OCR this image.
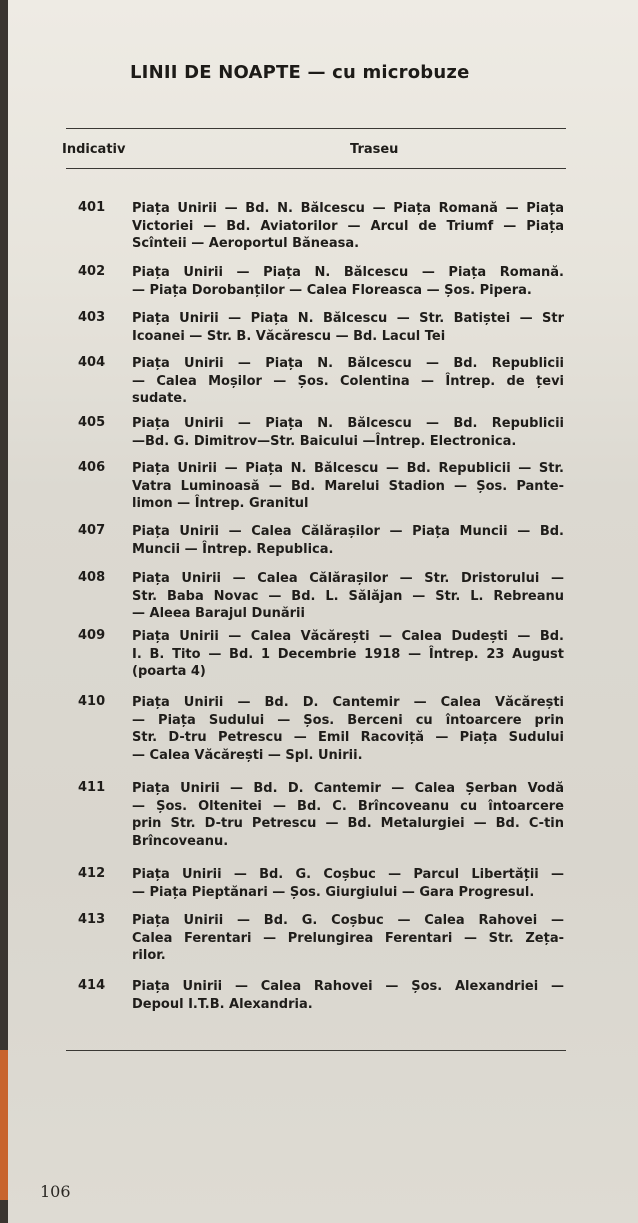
LINII DE NOAPTE — cu microbuze
Indicativ	Traseu
401	Piața Unirii — Bd. N. Bălcescu — Piața Romană — Piața
Victoriei — Bd. Aviatorilor — Arcul de Triumf — Piața
Scînteii — Aeroportul Băneasa.
402	Piața Unirii — Piața N. Bălcescu — Piața Romană.
— Piața Dorobanților — Calea Floreasca — Șos. Pipera.
403	Piața Unirii — Piața N. Bălcescu — Str. Batiștei — Str
Icoanei — Str. B. Văcărescu — Bd. Lacul Tei
404	Piața Unirii — Piața N. Bălcescu — Bd. Republicii
— Calea Moșilor — Șos. Colentina — Întrep. de țevi
sudate.
405	Piața Unirii — Piața N. Bălcescu — Bd. Republicii
—Bd. G. Dimitrov—Str. Baicului —Întrep. Electronica.
406	Piața Unirii — Piața N. Bălcescu — Bd. Republicii — Str.
Vatra Luminoasă — Bd. Marelui Stadion — Șos. Pante-
limon — Întrep. Granitul
407	Piața Unirii — Calea Călărașilor — Piața Muncii — Bd.
Muncii — Întrep. Republica.
408	Piața Unirii — Calea Călărașilor — Str. Dristorului —
Str. Baba Novac — Bd. L. Sălăjan — Str. L. Rebreanu
— Aleea Barajul Dunării
409	Piața Unirii — Calea Văcărești — Calea Dudești — Bd.
I. B. Tito — Bd. 1 Decembrie 1918 — Întrep. 23 August
(poarta 4)
410	Piața Unirii — Bd. D. Cantemir — Calea Văcărești
— Piața Sudului — Șos. Berceni cu întoarcere prin
Str. D-tru Petrescu — Emil Racoviță — Piața Sudului
— Calea Văcărești — Spl. Unirii.
411	Piața Unirii — Bd. D. Cantemir — Calea Șerban Vodă
— Șos. Oltenitei — Bd. C. Brîncoveanu cu întoarcere
prin Str. D-tru Petrescu — Bd. Metalurgiei — Bd. C-tin
Brîncoveanu.
412	Piața Unirii — Bd. G. Coșbuc — Parcul Libertății —
— Piața Pieptănari — Șos. Giurgiului — Gara Progresul.
413	Piața Unirii — Bd. G. Coșbuc — Calea Rahovei —
Calea Ferentari — Prelungirea Ferentari — Str. Zeța-
rilor.
414	Piața Unirii — Calea Rahovei — Șos. Alexandriei —
Depoul I.T.B. Alexandria.
106
